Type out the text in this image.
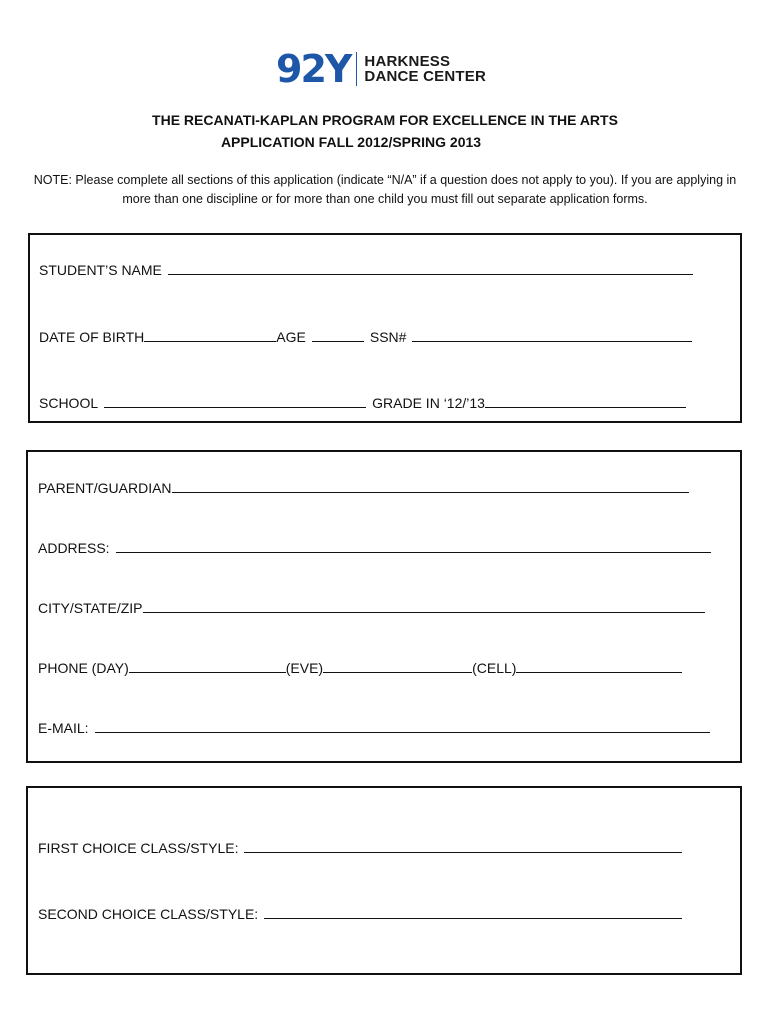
92Y HARKNESS
DANCE CENTER
THE RECANATI-KAPLAN PROGRAM FOR EXCELLENCE IN THE ARTS
APPLICATION FALL 2012/SPRING 2013
NOTE: Please complete all sections of this application (indicate “N/A” if a question does not apply to you). If you are applying in more than one discipline or for more than one child you must fill out separate application forms.
STUDENT’S NAME
DATE OF BIRTH	AGE	SSN#
SCHOOL	GRADE IN ‘12/’13
PARENT/GUARDIAN
ADDRESS:
CITY/STATE/ZIP
PHONE (DAY)	(EVE)	(CELL)
E-MAIL:
FIRST CHOICE CLASS/STYLE:
SECOND CHOICE CLASS/STYLE:
